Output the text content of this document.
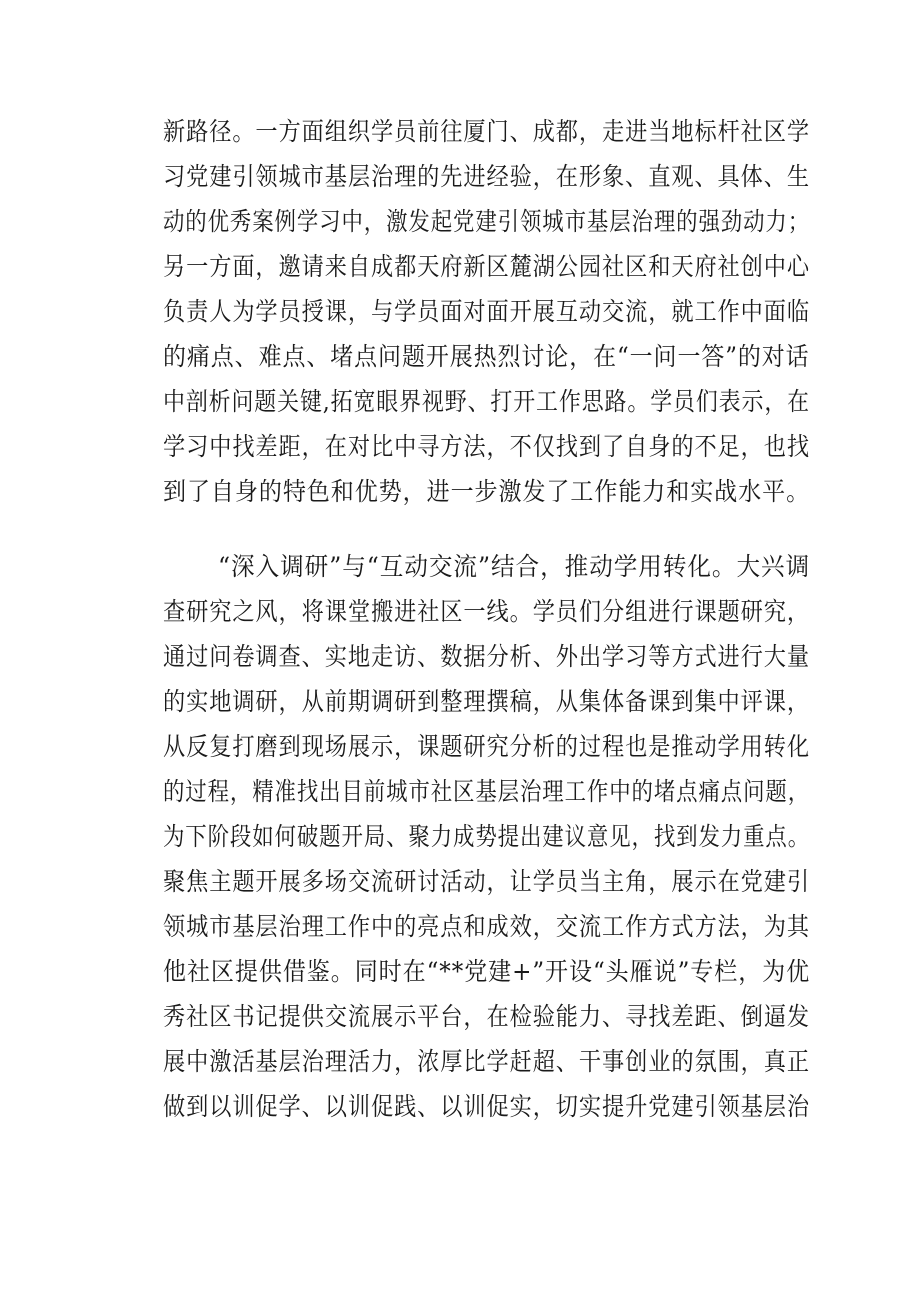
新路径。一方面组织学员前往厦门、成都，走进当地标杆社区学
习党建引领城市基层治理的先进经验，在形象、直观、具体、生
动的优秀案例学习中，激发起党建引领城市基层治理的强劲动力；
另一方面，邀请来自成都天府新区麓湖公园社区和天府社创中心
负责人为学员授课，与学员面对面开展互动交流，就工作中面临
的痛点、难点、堵点问题开展热烈讨论，在“一问一答”的对话
中剖析问题关键,拓宽眼界视野、打开工作思路。学员们表示，在
学习中找差距，在对比中寻方法，不仅找到了自身的不足，也找
到了自身的特色和优势，进一步激发了工作能力和实战水平。
“深入调研”与“互动交流”结合，推动学用转化。大兴调
查研究之风，将课堂搬进社区一线。学员们分组进行课题研究，
通过问卷调查、实地走访、数据分析、外出学习等方式进行大量
的实地调研，从前期调研到整理撰稿，从集体备课到集中评课，
从反复打磨到现场展示，课题研究分析的过程也是推动学用转化
的过程，精准找出目前城市社区基层治理工作中的堵点痛点问题，
为下阶段如何破题开局、聚力成势提出建议意见，找到发力重点。
聚焦主题开展多场交流研讨活动，让学员当主角，展示在党建引
领城市基层治理工作中的亮点和成效，交流工作方式方法，为其
他社区提供借鉴。同时在“**党建+”开设“头雁说”专栏，为优
秀社区书记提供交流展示平台，在检验能力、寻找差距、倒逼发
展中激活基层治理活力，浓厚比学赶超、干事创业的氛围，真正
做到以训促学、以训促践、以训促实，切实提升党建引领基层治
